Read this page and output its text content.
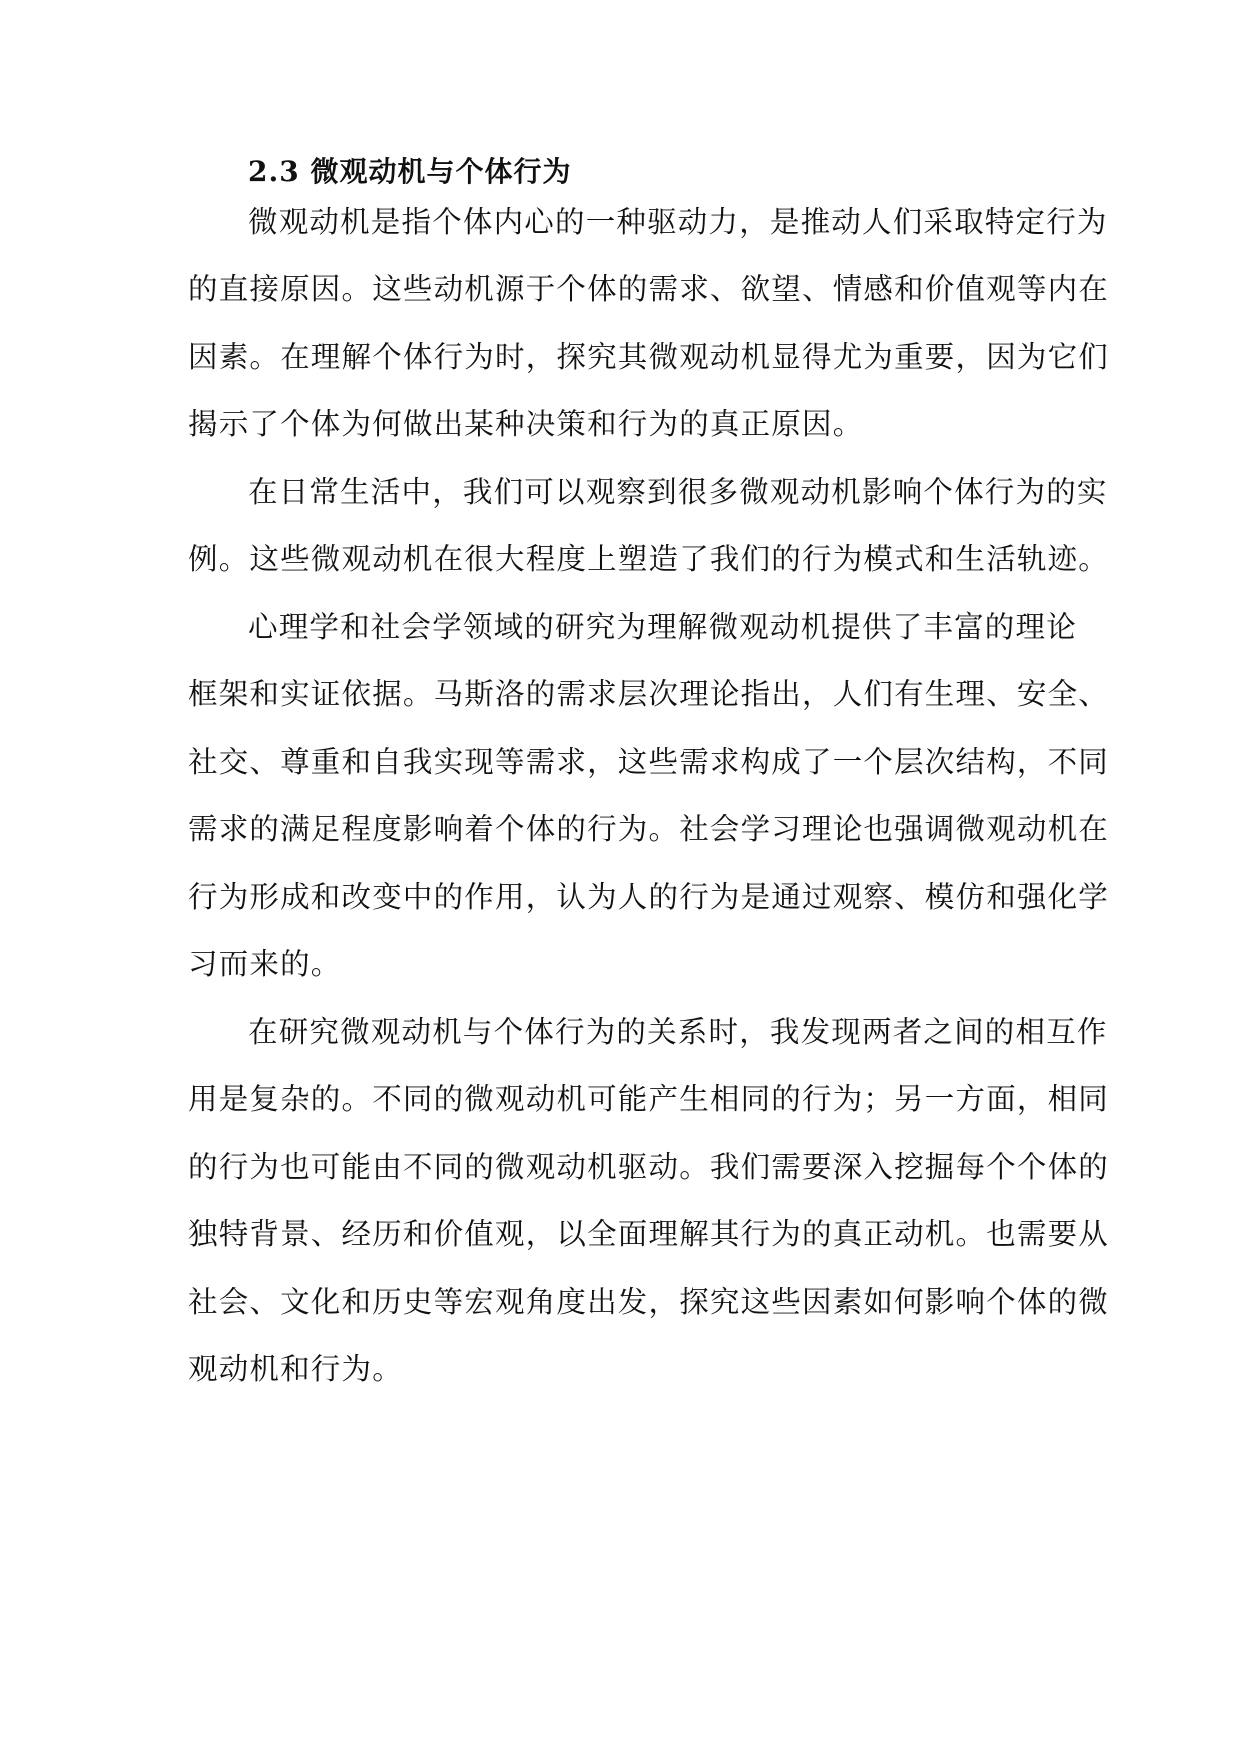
2.3 微观动机与个体行为
微观动机是指个体内心的一种驱动力，是推动人们采取特定行为
的直接原因。这些动机源于个体的需求、欲望、情感和价值观等内在
因素。在理解个体行为时，探究其微观动机显得尤为重要，因为它们
揭示了个体为何做出某种决策和行为的真正原因。
在日常生活中，我们可以观察到很多微观动机影响个体行为的实
例。这些微观动机在很大程度上塑造了我们的行为模式和生活轨迹。
心理学和社会学领域的研究为理解微观动机提供了丰富的理论
框架和实证依据。马斯洛的需求层次理论指出，人们有生理、安全、
社交、尊重和自我实现等需求，这些需求构成了一个层次结构，不同
需求的满足程度影响着个体的行为。社会学习理论也强调微观动机在
行为形成和改变中的作用，认为人的行为是通过观察、模仿和强化学
习而来的。
在研究微观动机与个体行为的关系时，我发现两者之间的相互作
用是复杂的。不同的微观动机可能产生相同的行为；另一方面，相同
的行为也可能由不同的微观动机驱动。我们需要深入挖掘每个个体的
独特背景、经历和价值观，以全面理解其行为的真正动机。也需要从
社会、文化和历史等宏观角度出发，探究这些因素如何影响个体的微
观动机和行为。
